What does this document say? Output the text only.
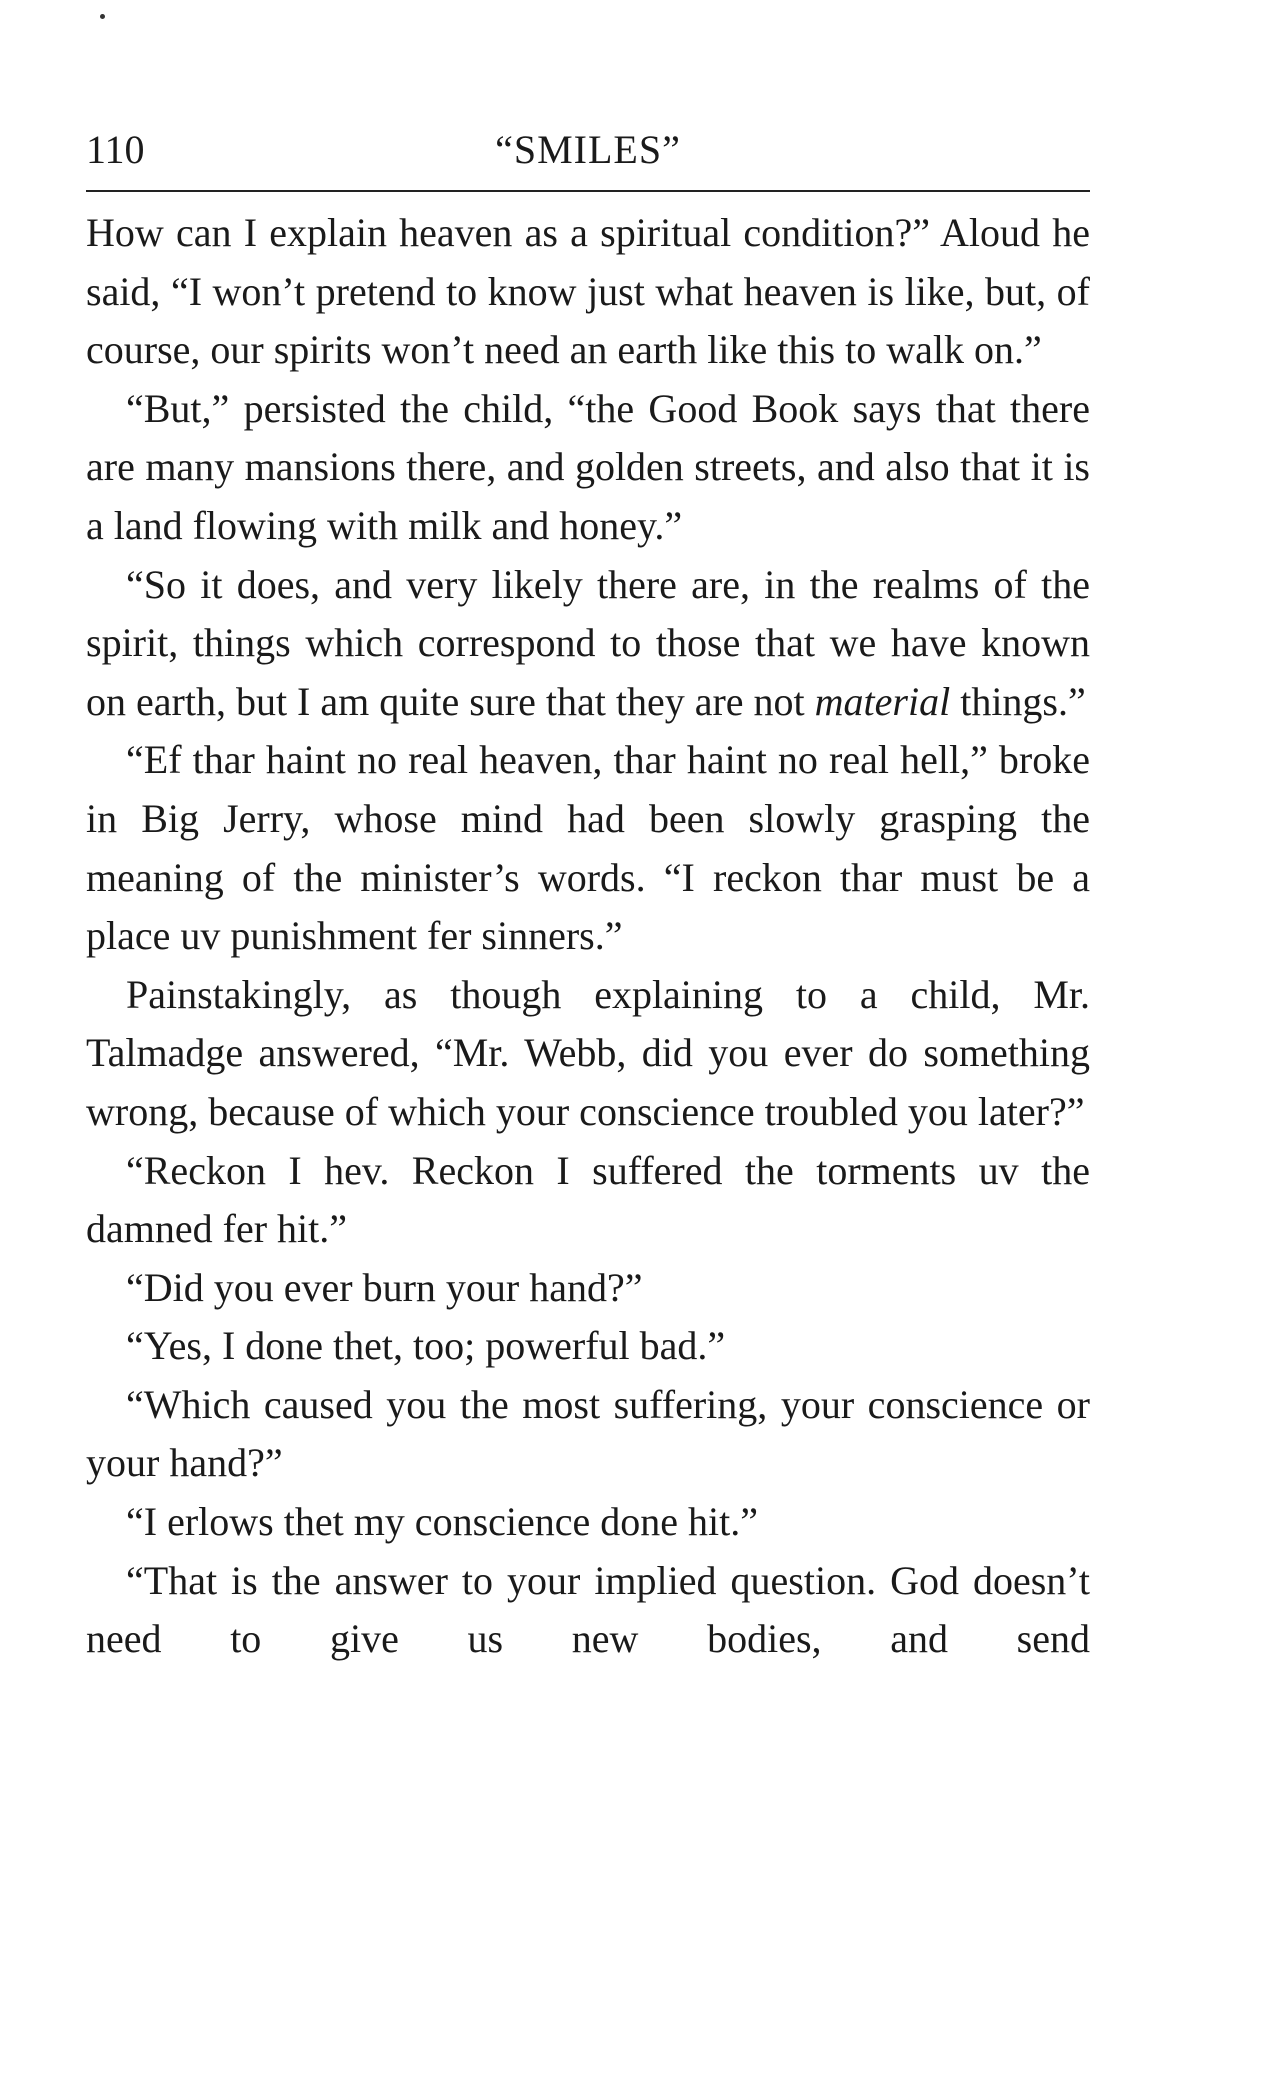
110	“SMILES”

How can I explain heaven as a spiritual condition?” Aloud he said, “I won’t pretend to know just what heaven is like, but, of course, our spirits won’t need an earth like this to walk on.”

“But,” persisted the child, “the Good Book says that there are many mansions there, and golden streets, and also that it is a land flowing with milk and honey.”

“So it does, and very likely there are, in the realms of the spirit, things which correspond to those that we have known on earth, but I am quite sure that they are not material things.”

“Ef thar haint no real heaven, thar haint no real hell,” broke in Big Jerry, whose mind had been slowly grasping the meaning of the minister’s words. “I reckon thar must be a place uv punishment fer sinners.”

Painstakingly, as though explaining to a child, Mr. Talmadge answered, “Mr. Webb, did you ever do something wrong, because of which your conscience troubled you later?”

“Reckon I hev. Reckon I suffered the torments uv the damned fer hit.”

“Did you ever burn your hand?”

“Yes, I done thet, too; powerful bad.”

“Which caused you the most suffering, your conscience or your hand?”

“I erlows thet my conscience done hit.”

“That is the answer to your implied question. God doesn’t need to give us new bodies, and send
